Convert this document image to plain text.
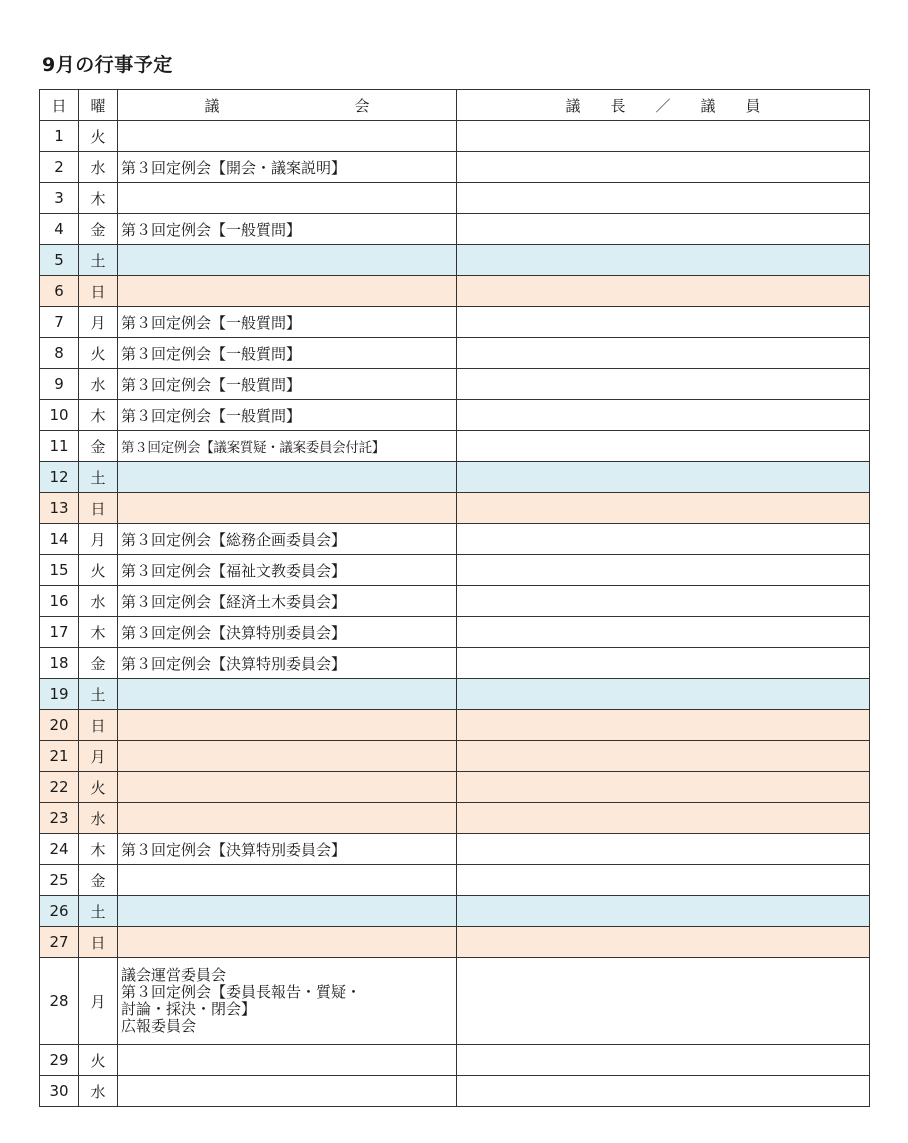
9月の行事予定
日	曜	議　　　　　　　　　会	議　　長　　／　　議　　員
1	火		
2	水	第３回定例会【開会・議案説明】	
3	木		
4	金	第３回定例会【一般質問】	
5	土		
6	日		
7	月	第３回定例会【一般質問】	
8	火	第３回定例会【一般質問】	
9	水	第３回定例会【一般質問】	
10	木	第３回定例会【一般質問】	
11	金	第３回定例会【議案質疑・議案委員会付託】	
12	土		
13	日		
14	月	第３回定例会【総務企画委員会】	
15	火	第３回定例会【福祉文教委員会】	
16	水	第３回定例会【経済土木委員会】	
17	木	第３回定例会【決算特別委員会】	
18	金	第３回定例会【決算特別委員会】	
19	土		
20	日		
21	月		
22	火		
23	水		
24	木	第３回定例会【決算特別委員会】	
25	金		
26	土		
27	日		
28	月	議会運営委員会
第３回定例会【委員長報告・質疑・
討論・採決・閉会】
広報委員会	

29	火		
30	水		
